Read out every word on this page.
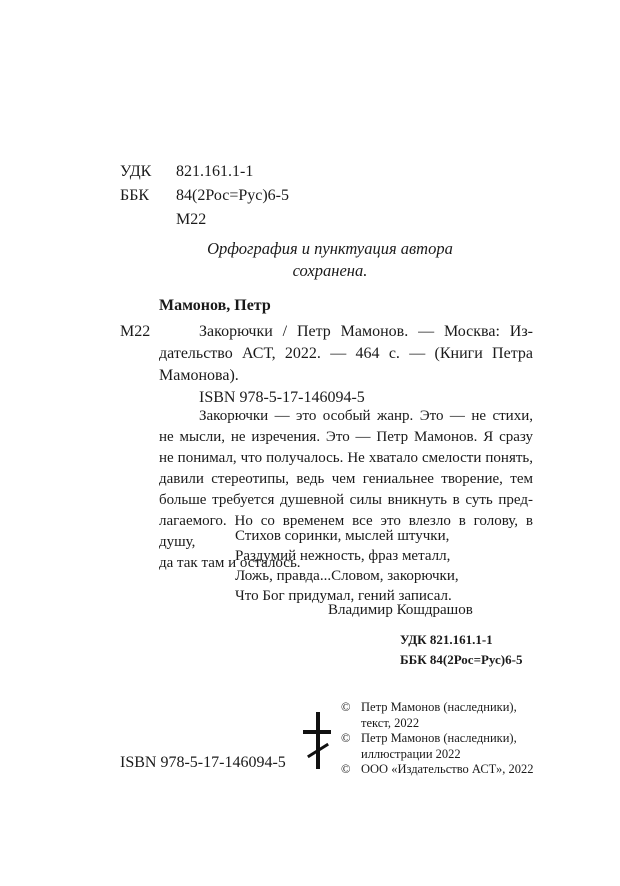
УДК	821.161.1-1
ББК	84(2Рос=Рус)6-5
М22
Орфография и пунктуация автора
сохранена.
Мамонов, Петр
М22	Закорючки / Петр Мамонов. — Москва: Из-
дательство АСТ, 2022. — 464 с. — (Книги Петра
Мамонова).
ISBN 978-5-17-146094-5
Закорючки — это особый жанр. Это — не стихи,
не мысли, не изречения. Это — Петр Мамонов. Я сразу
не понимал, что получалось. Не хватало смелости понять,
давили стереотипы, ведь чем гениальнее творение, тем
больше требуется душевной силы вникнуть в суть пред-
лагаемого. Но со временем все это влезло в голову, в душу,
да так там и осталось.
Стихов соринки, мыслей штучки,
Раздумий нежность, фраз металл,
Ложь, правда...Словом, закорючки,
Что Бог придумал, гений записал.
Владимир Кошдрашов
УДК 821.161.1-1
ББК 84(2Рос=Рус)6-5
ISBN 978-5-17-146094-5
© Петр Мамонов (наследники),
текст, 2022
© Петр Мамонов (наследники),
иллюстрации 2022
© ООО «Издательство АСТ», 2022
